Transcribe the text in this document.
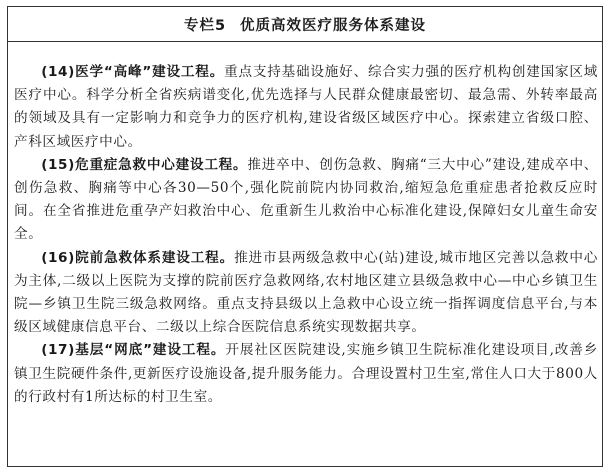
专栏5 优质高效医疗服务体系建设

(14)医学“高峰”建设工程。重点支持基础设施好、综合实力强的医疗机构创建国家区域医疗中心。科学分析全省疾病谱变化,优先选择与人民群众健康最密切、最急需、外转率最高的领域及具有一定影响力和竞争力的医疗机构,建设省级区域医疗中心。探索建立省级口腔、产科区域医疗中心。

(15)危重症急救中心建设工程。推进卒中、创伤急救、胸痛“三大中心”建设,建成卒中、创伤急救、胸痛等中心各30—50个,强化院前院内协同救治,缩短急危重症患者抢救反应时间。在全省推进危重孕产妇救治中心、危重新生儿救治中心标准化建设,保障妇女儿童生命安全。

(16)院前急救体系建设工程。推进市县两级急救中心(站)建设,城市地区完善以急救中心为主体,二级以上医院为支撑的院前医疗急救网络,农村地区建立县级急救中心—中心乡镇卫生院—乡镇卫生院三级急救网络。重点支持县级以上急救中心设立统一指挥调度信息平台,与本级区域健康信息平台、二级以上综合医院信息系统实现数据共享。

(17)基层“网底”建设工程。开展社区医院建设,实施乡镇卫生院标准化建设项目,改善乡镇卫生院硬件条件,更新医疗设施设备,提升服务能力。合理设置村卫生室,常住人口大于800人的行政村有1所达标的村卫生室。
